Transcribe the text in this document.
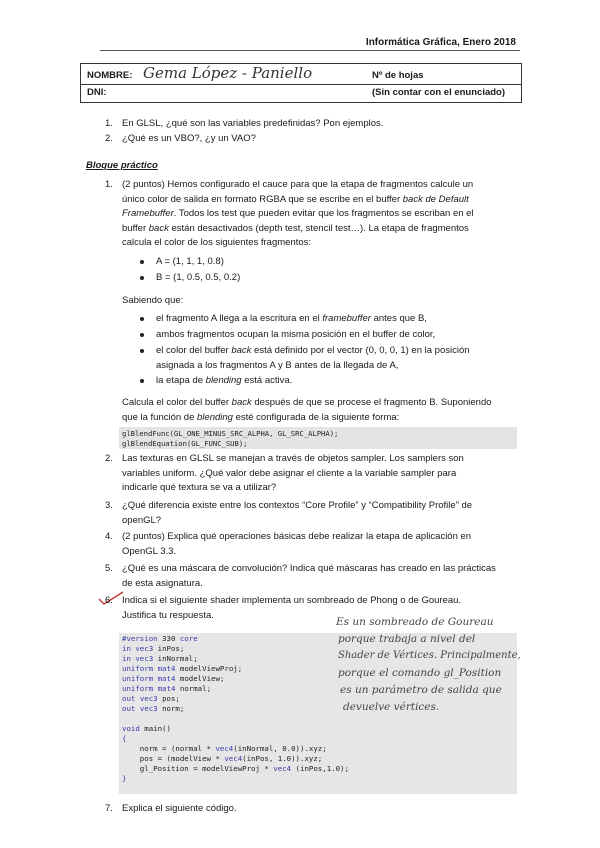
Informática Gráfica, Enero 2018
NOMBRE: Gema López - Paniello	Nº de hojas
DNI:	(Sin contar con el enunciado)
1. En GLSL, ¿qué son las variables predefinidas? Pon ejemplos.
2. ¿Qué es un VBO?, ¿y un VAO?
Bloque práctico
1. (2 puntos) Hemos configurado el cauce para que la etapa de fragmentos calcule un
único color de salida en formato RGBA que se escribe en el buffer back de Default
Framebuffer. Todos los test que pueden evitar que los fragmentos se escriban en el
buffer back están desactivados (depth test, stencil test…). La etapa de fragmentos
calcula el color de los siguientes fragmentos:
A = (1, 1, 1, 0.8)
B = (1, 0.5, 0.5, 0.2)
Sabiendo que:
el fragmento A llega a la escritura en el framebuffer antes que B,
ambos fragmentos ocupan la misma posición en el buffer de color,
el color del buffer back está definido por el vector (0, 0, 0, 1) en la posición
asignada a los fragmentos A y B antes de la llegada de A,
la etapa de blending está activa.
Calcula el color del buffer back después de que se procese el fragmento B. Suponiendo
que la función de blending esté configurada de la siguiente forma:
glBlendFunc(GL_ONE_MINUS_SRC_ALPHA, GL_SRC_ALPHA);
glBlendEquation(GL_FUNC_SUB);
2. Las texturas en GLSL se manejan a través de objetos sampler. Los samplers son
variables uniform. ¿Qué valor debe asignar el cliente a la variable sampler para
indicarle qué textura se va a utilizar?
3. ¿Qué diferencia existe entre los contextos “Core Profile” y “Compatibility Profile” de
openGL?
4. (2 puntos) Explica qué operaciones básicas debe realizar la etapa de aplicación en
OpenGL 3.3.
5. ¿Qué es una máscara de convolución? Indica qué máscaras has creado en las prácticas
de esta asignatura.
6. Indica si el siguiente shader implementa un sombreado de Phong o de Goureau.
Justifica tu respuesta.
#version 330 core
in vec3 inPos;
in vec3 inNormal;
uniform mat4 modelViewProj;
uniform mat4 modelView;
uniform mat4 normal;
out vec3 pos;
out vec3 norm;
void main()
{
norm = (normal * vec4(inNormal, 0.0)).xyz;
pos = (modelView * vec4(inPos, 1.0)).xyz;
gl_Position = modelViewProj * vec4 (inPos,1.0);
}
Es un sombreado de Goureau
porque trabaja a nivel del
Shader de Vértices. Principalmente,
porque el comando gl_Position
es un parámetro de salida que
devuelve vértices.
7. Explica el siguiente código.
